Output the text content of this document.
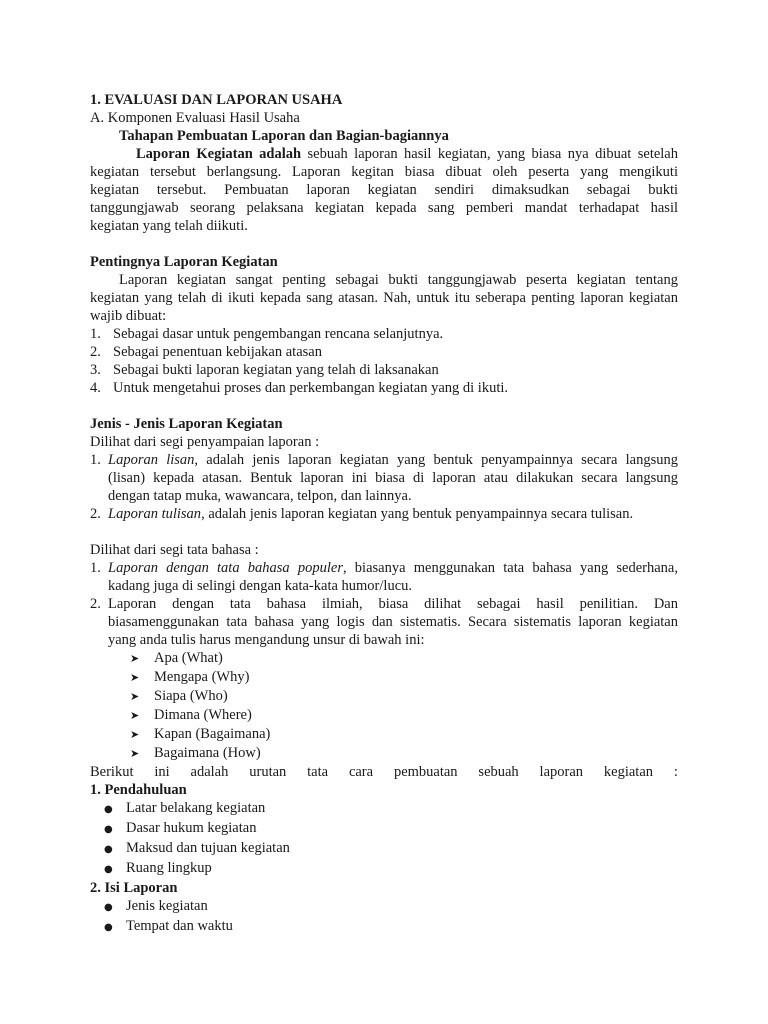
1. EVALUASI DAN LAPORAN USAHA

A. Komponen Evaluasi Hasil Usaha

Tahapan Pembuatan Laporan dan Bagian-bagiannya

Laporan Kegiatan adalah sebuah laporan hasil kegiatan, yang biasa nya dibuat setelah

kegiatan tersebut berlangsung. Laporan kegitan biasa dibuat oleh peserta yang mengikuti

kegiatan tersebut. Pembuatan laporan kegiatan sendiri dimaksudkan sebagai bukti

tanggungjawab seorang pelaksana kegiatan kepada sang pemberi mandat terhadapat hasil

kegiatan yang telah diikuti.

Pentingnya Laporan Kegiatan

Laporan kegiatan sangat penting sebagai bukti tanggungjawab peserta kegiatan tentang

kegiatan yang telah di ikuti kepada sang atasan. Nah, untuk itu seberapa penting laporan kegiatan

wajib dibuat:

1. Sebagai dasar untuk pengembangan rencana selanjutnya.
2. Sebagai penentuan kebijakan atasan
3. Sebagai bukti laporan kegiatan yang telah di laksanakan
4. Untuk mengetahui proses dan perkembangan kegiatan yang di ikuti.

Jenis - Jenis Laporan Kegiatan

Dilihat dari segi penyampaian laporan :

1. Laporan lisan, adalah jenis laporan kegiatan yang bentuk penyampainnya secara langsung

(lisan) kepada atasan. Bentuk laporan ini biasa di laporan atau dilakukan secara langsung

dengan tatap muka, wawancara, telpon, dan lainnya.

2. Laporan tulisan, adalah jenis laporan kegiatan yang bentuk penyampainnya secara tulisan.

Dilihat dari segi tata bahasa :

1. Laporan dengan tata bahasa populer, biasanya menggunakan tata bahasa yang sederhana,

kadang juga di selingi dengan kata-kata humor/lucu.

2. Laporan dengan tata bahasa ilmiah, biasa dilihat sebagai hasil penilitian. Dan

biasamenggunakan tata bahasa yang logis dan sistematis. Secara sistematis laporan kegiatan

yang anda tulis harus mengandung unsur di bawah ini:

➤ Apa (What)

➤ Mengapa (Why)

➤ Siapa (Who)

➤ Dimana (Where)

➤ Kapan (Bagaimana)

➤ Bagaimana (How)

Berikut ini adalah urutan tata cara pembuatan sebuah laporan kegiatan :

1. Pendahuluan

● Latar belakang kegiatan

● Dasar hukum kegiatan

● Maksud dan tujuan kegiatan

● Ruang lingkup

2. Isi Laporan

● Jenis kegiatan

● Tempat dan waktu
